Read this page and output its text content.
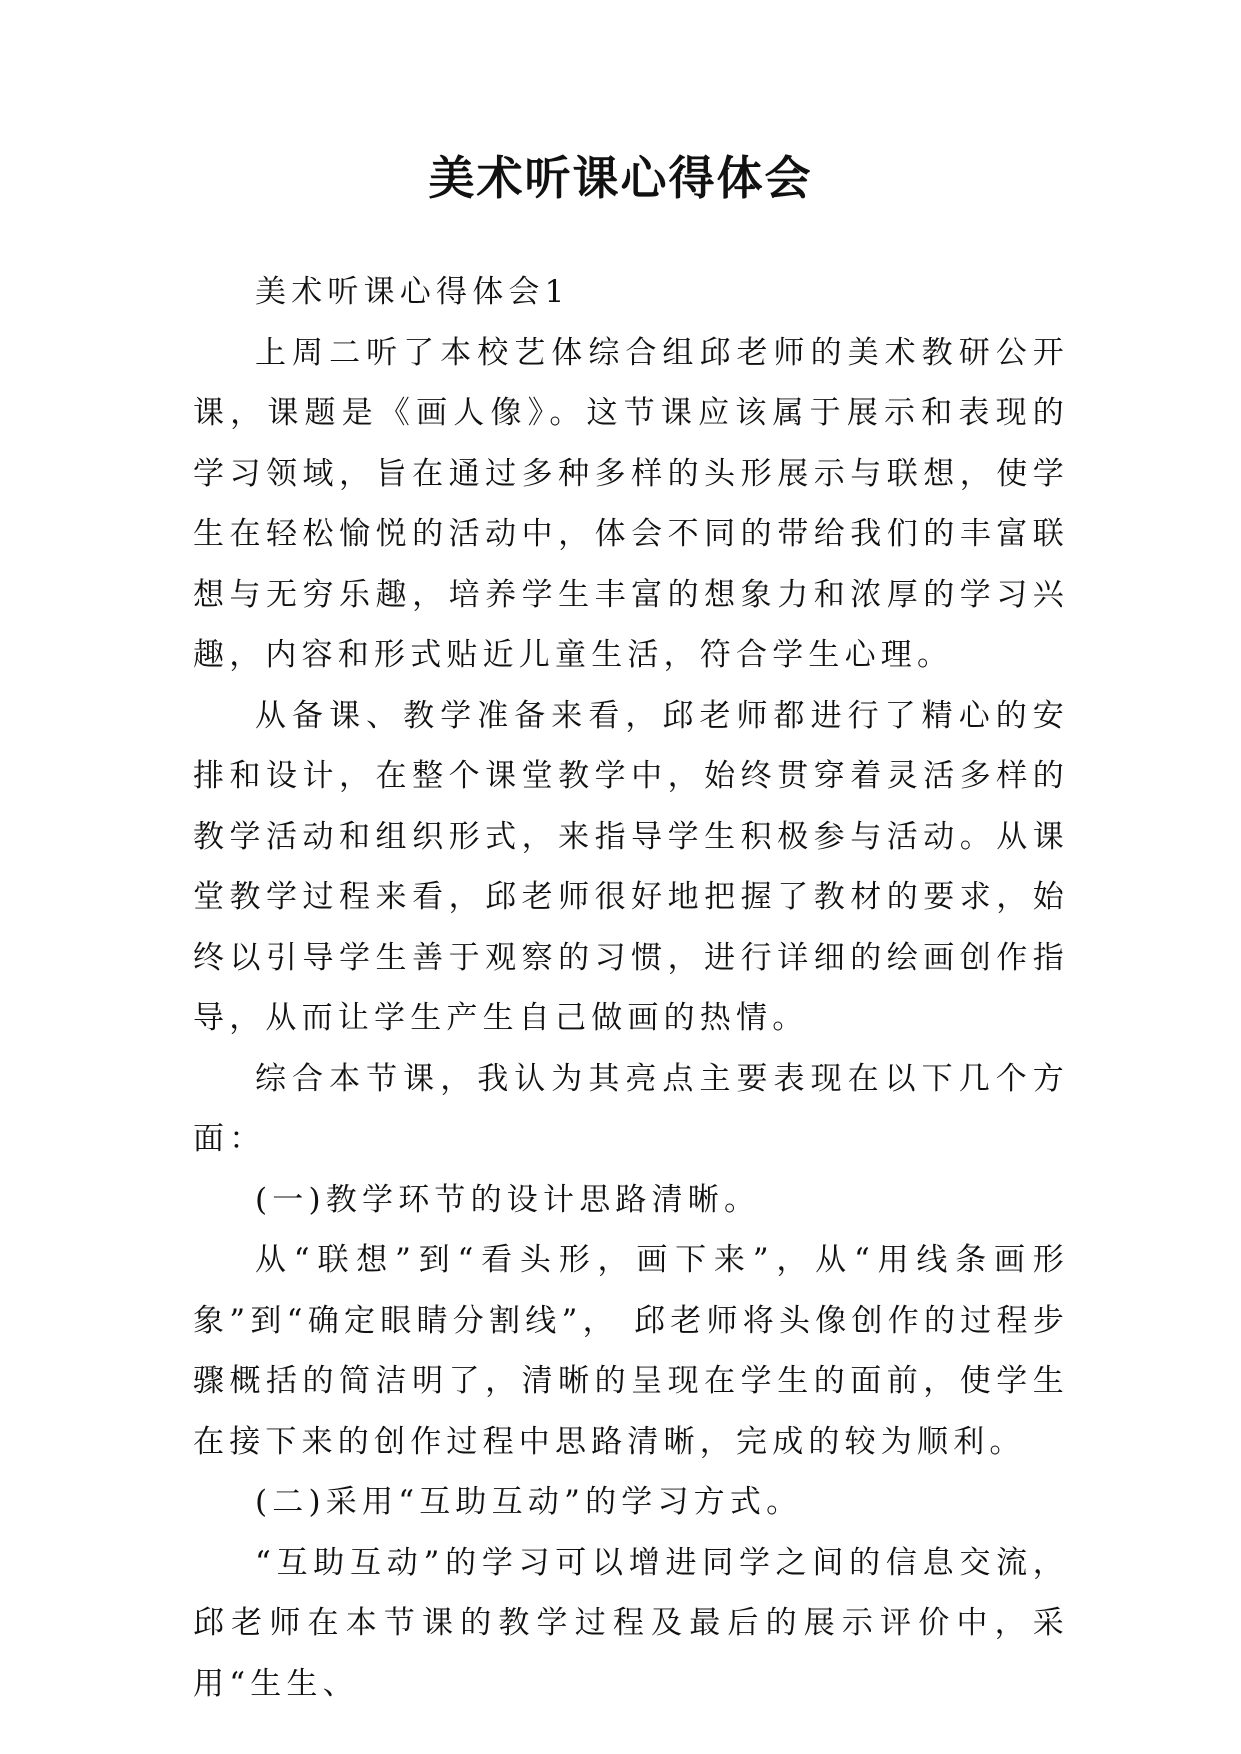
美术听课心得体会

美术听课心得体会1

上周二听了本校艺体综合组邱老师的美术教研公开课，课题是《画人像》。这节课应该属于展示和表现的学习领域，旨在通过多种多样的头形展示与联想，使学生在轻松愉悦的活动中，体会不同的带给我们的丰富联想与无穷乐趣，培养学生丰富的想象力和浓厚的学习兴趣，内容和形式贴近儿童生活，符合学生心理。

从备课、教学准备来看，邱老师都进行了精心的安排和设计，在整个课堂教学中，始终贯穿着灵活多样的教学活动和组织形式，来指导学生积极参与活动。从课堂教学过程来看，邱老师很好地把握了教材的要求，始终以引导学生善于观察的习惯，进行详细的绘画创作指导，从而让学生产生自己做画的热情。

综合本节课，我认为其亮点主要表现在以下几个方面：

(一)教学环节的设计思路清晰。

从“联想”到“看头形，画下来”，从“用线条画形象”到“确定眼睛分割线”， 邱老师将头像创作的过程步骤概括的简洁明了，清晰的呈现在学生的面前，使学生在接下来的创作过程中思路清晰，完成的较为顺利。

(二)采用“互助互动”的学习方式。

“互助互动”的学习可以增进同学之间的信息交流，邱老师在本节课的教学过程及最后的展示评价中，采用“生生、
